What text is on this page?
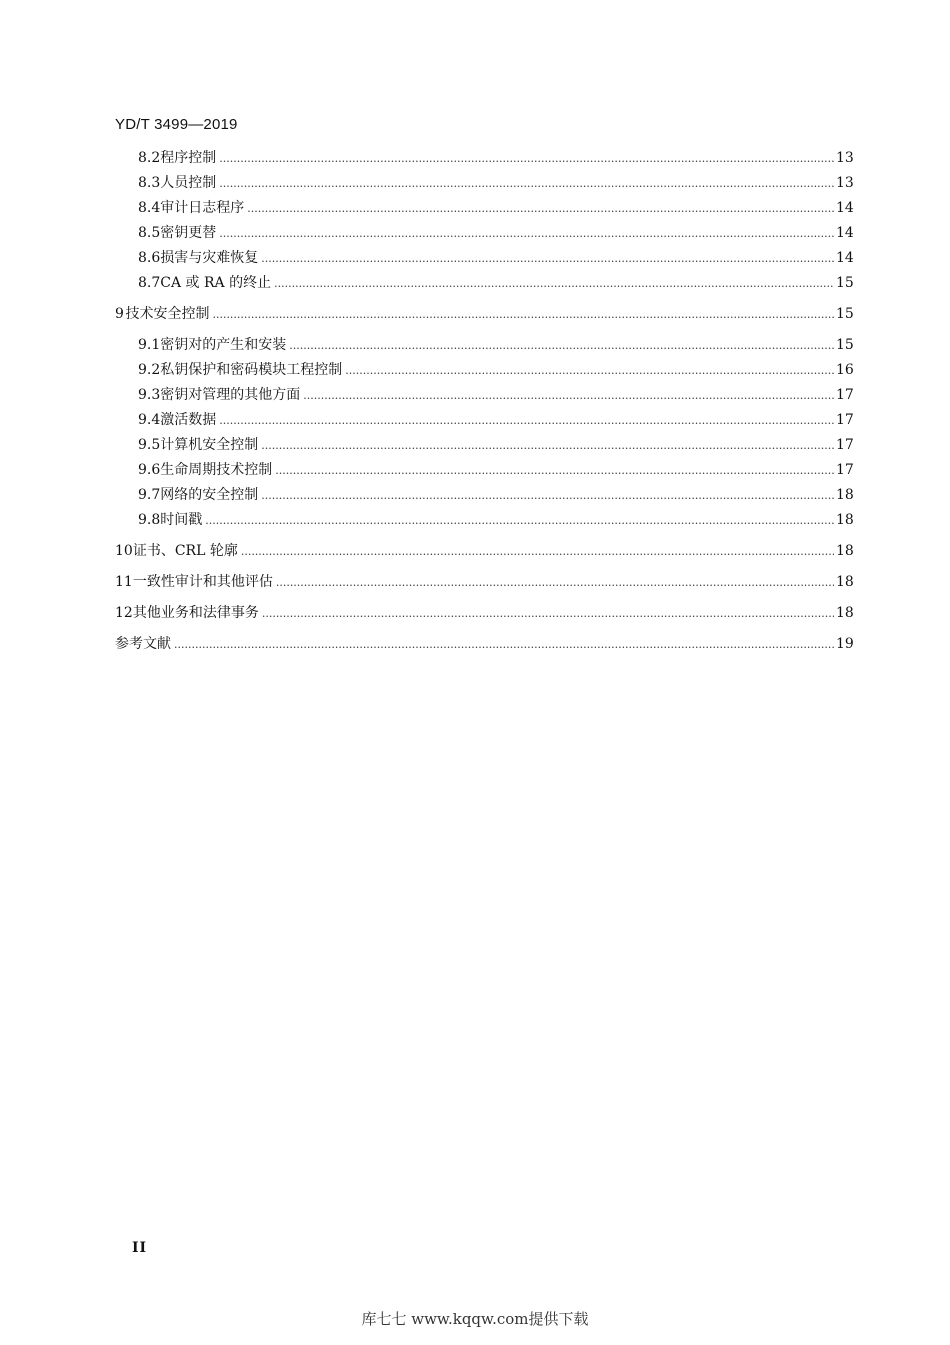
YD/T 3499—2019
8.2 程序控制 .....	13
8.3 人员控制 .....	13
8.4 审计日志程序 .....	14
8.5 密钥更替 .....	14
8.6 损害与灾难恢复 .....	14
8.7 CA 或 RA 的终止 .....	15
9 技术安全控制 .....	15
9.1 密钥对的产生和安装 .....	15
9.2 私钥保护和密码模块工程控制 .....	16
9.3 密钥对管理的其他方面 .....	17
9.4 激活数据 .....	17
9.5 计算机安全控制 .....	17
9.6 生命周期技术控制 .....	17
9.7 网络的安全控制 .....	18
9.8 时间戳 .....	18
10 证书、CRL 轮廓 .....	18
11 一致性审计和其他评估 .....	18
12 其他业务和法律事务 .....	18
参考文献 .....	19
II
库七七 www.kqqw.com提供下载
